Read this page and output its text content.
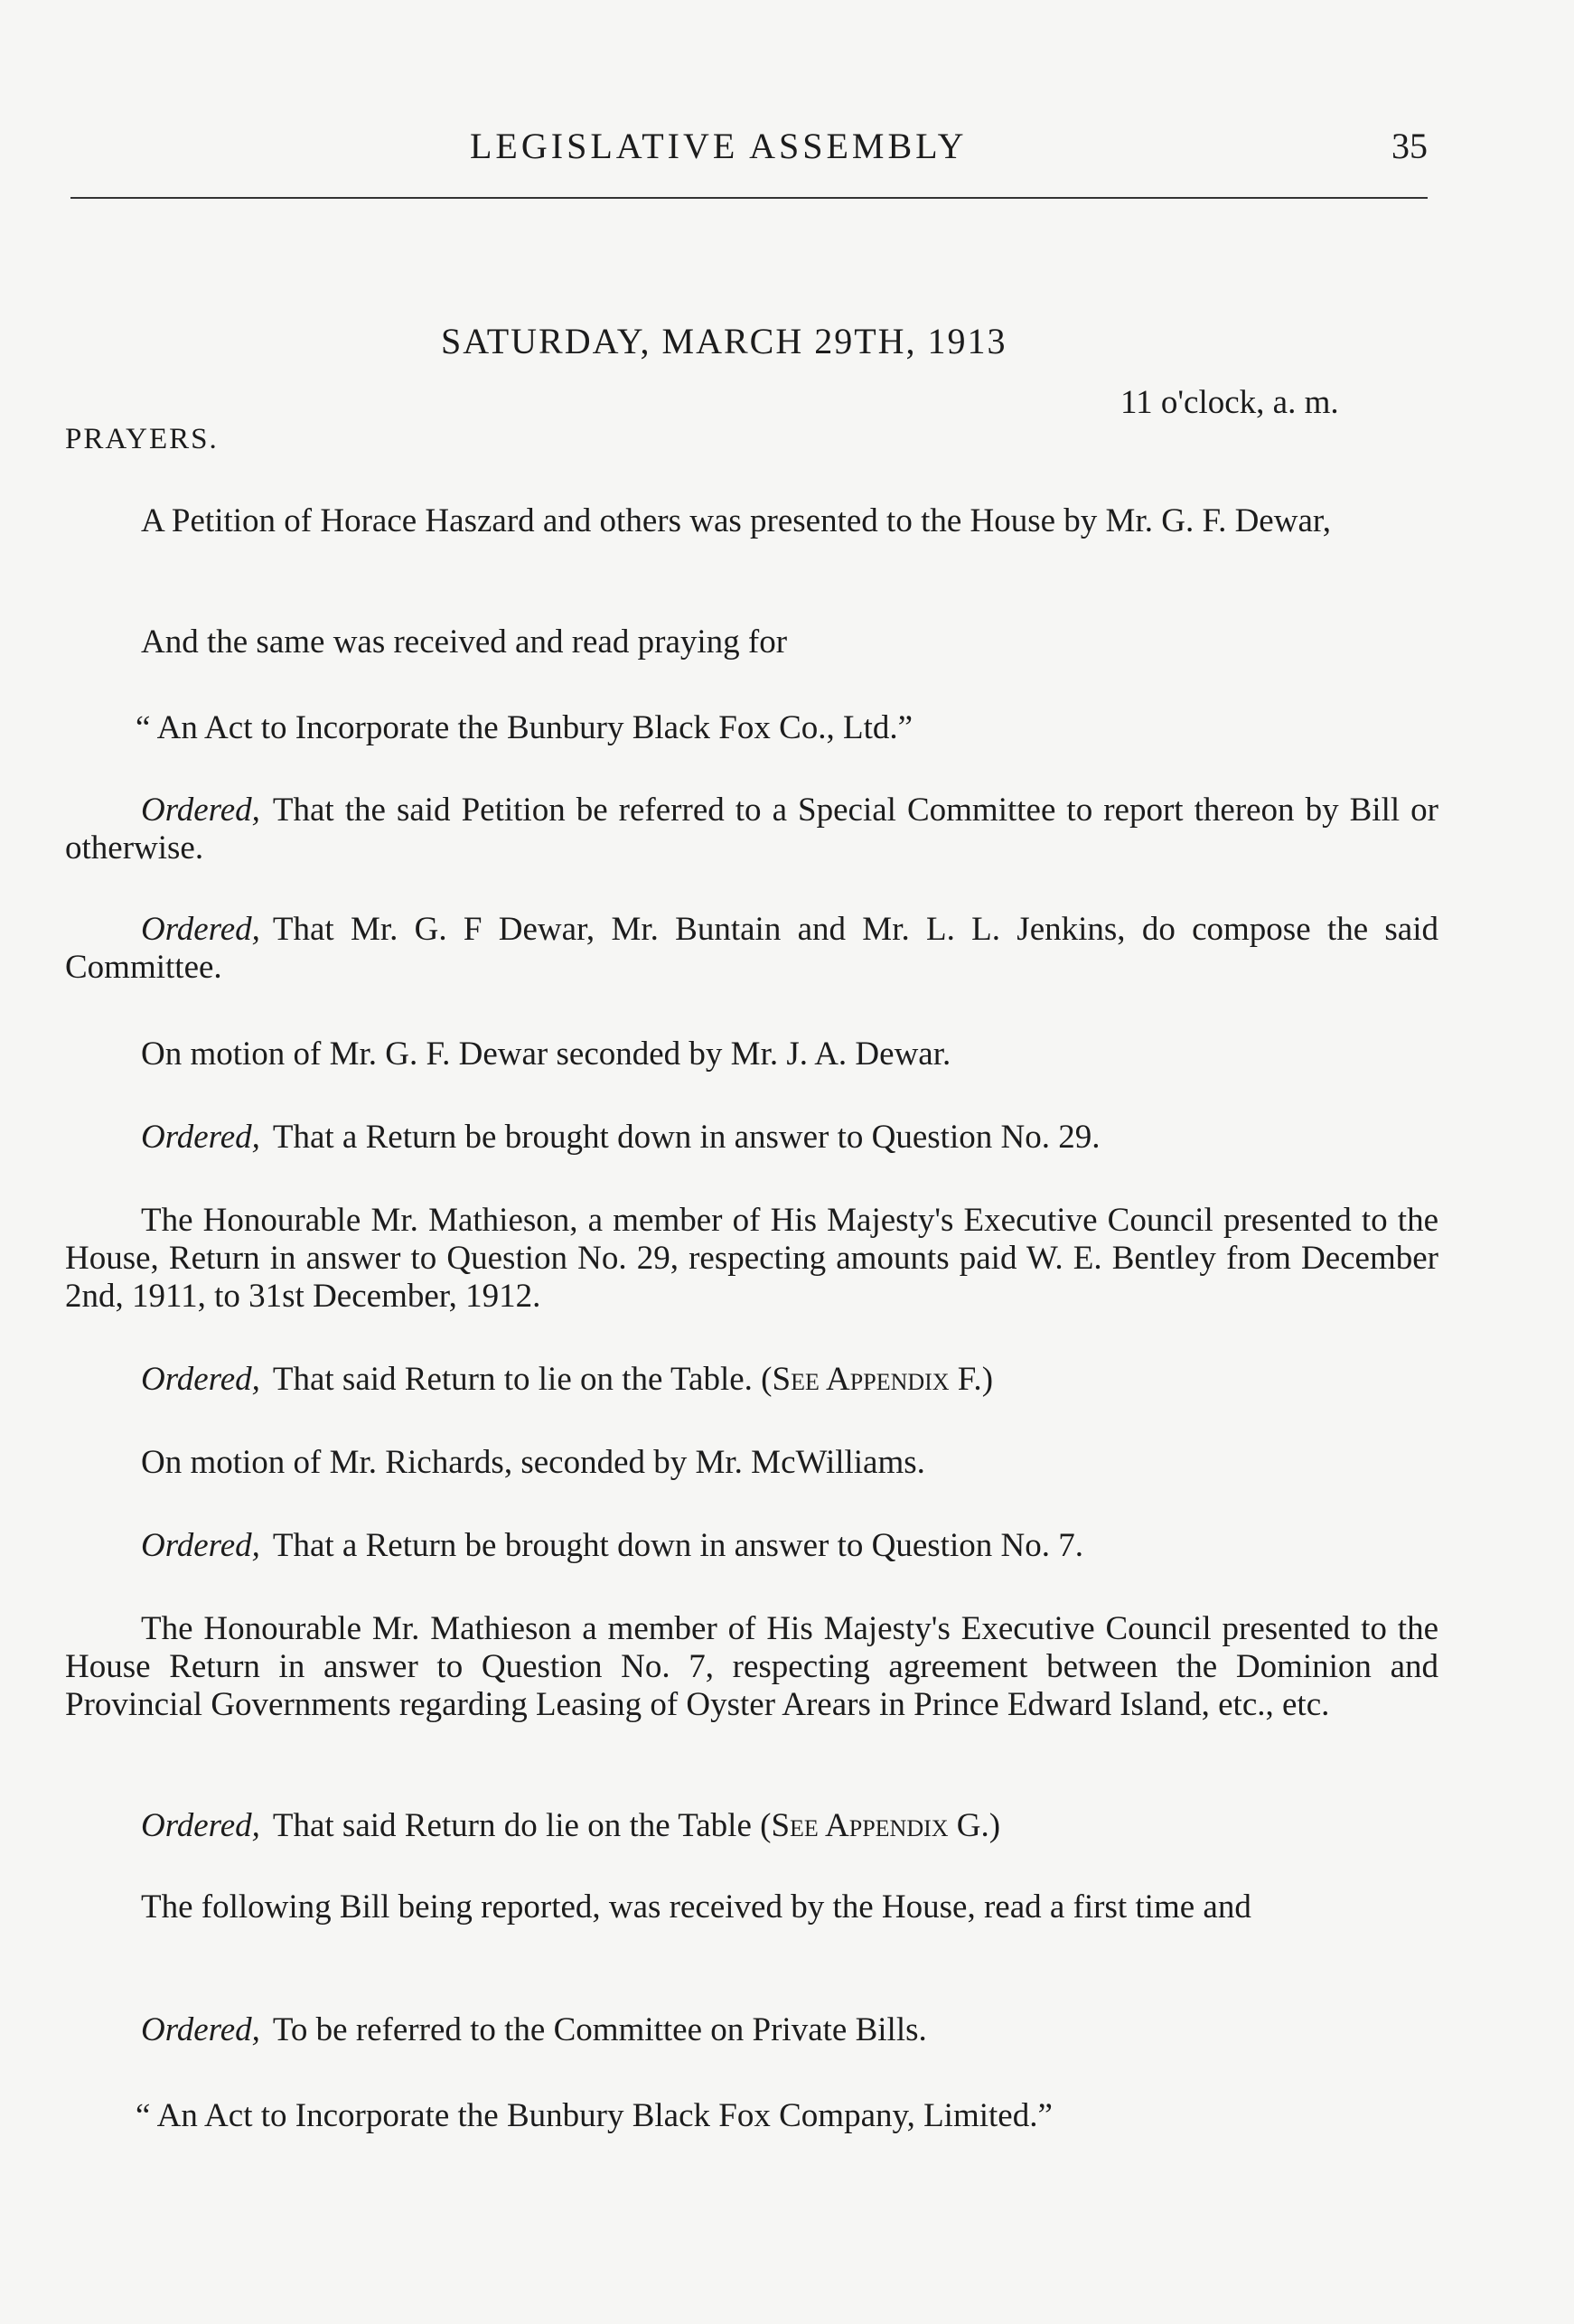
LEGISLATIVE ASSEMBLY	35
SATURDAY, MARCH 29TH, 1913
11 o'clock, a. m.
PRAYERS.
A Petition of Horace Haszard and others was presented to the House by Mr. G. F. Dewar,
And the same was received and read praying for
“ An Act to Incorporate the Bunbury Black Fox Co., Ltd.”
Ordered, That the said Petition be referred to a Special Committee to report thereon by Bill or otherwise.
Ordered, That Mr. G. F Dewar, Mr. Buntain and Mr. L. L. Jenkins, do compose the said Committee.
On motion of Mr. G. F. Dewar seconded by Mr. J. A. Dewar.
Ordered, That a Return be brought down in answer to Question No. 29.
The Honourable Mr. Mathieson, a member of His Majesty's Executive Council presented to the House, Return in answer to Question No. 29, respecting amounts paid W. E. Bentley from December 2nd, 1911, to 31st December, 1912.
Ordered, That said Return to lie on the Table. (See Appendix F.)
On motion of Mr. Richards, seconded by Mr. McWilliams.
Ordered, That a Return be brought down in answer to Question No. 7.
The Honourable Mr. Mathieson a member of His Majesty's Executive Council presented to the House Return in answer to Question No. 7, respecting agreement between the Dominion and Provincial Governments regarding Leasing of Oyster Arears in Prince Edward Island, etc., etc.
Ordered, That said Return do lie on the Table (See Appendix G.)
The following Bill being reported, was received by the House, read a first time and
Ordered, To be referred to the Committee on Private Bills.
“ An Act to Incorporate the Bunbury Black Fox Company, Limited.”
